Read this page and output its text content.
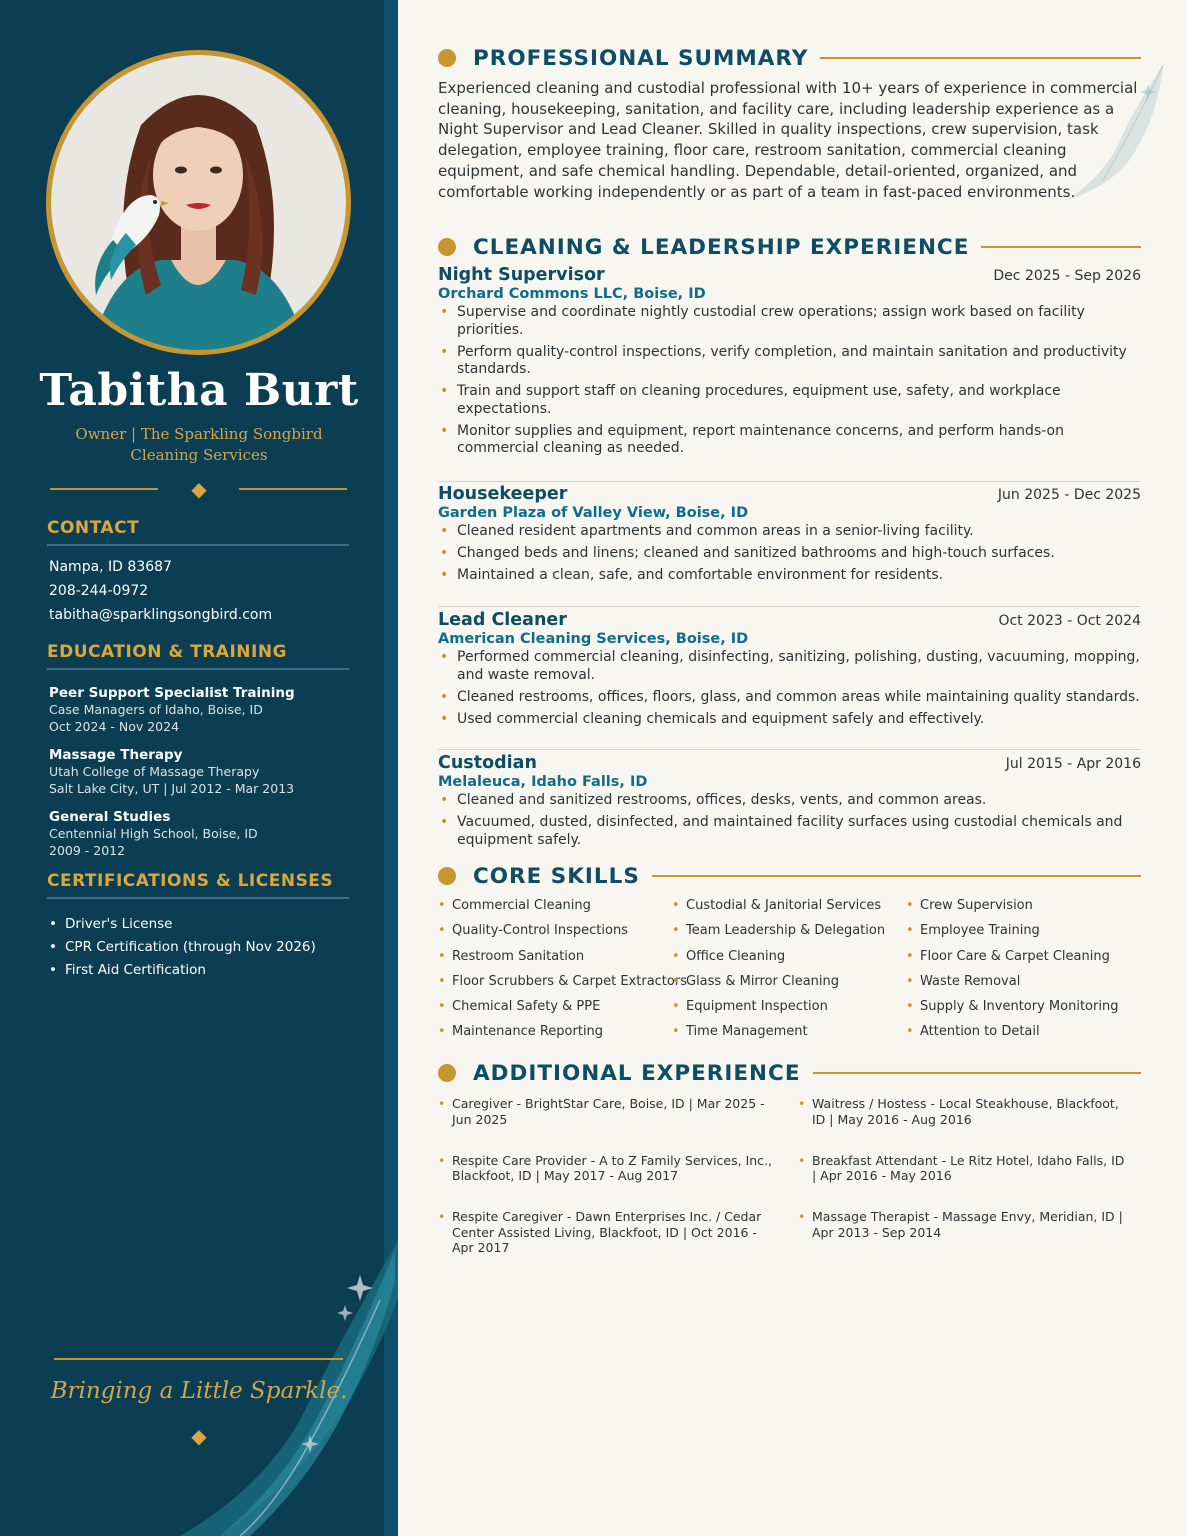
Tabitha Burt
Owner | The Sparkling Songbird Cleaning Services
◆
CONTACT
Nampa, ID 83687
208-244-0972
tabitha@sparklingsongbird.com
EDUCATION & TRAINING
Peer Support Specialist Training
Case Managers of Idaho, Boise, ID
Oct 2024 - Nov 2024
Massage Therapy
Utah College of Massage Therapy
Salt Lake City, UT | Jul 2012 - Mar 2013
General Studies
Centennial High School, Boise, ID
2009 - 2012
CERTIFICATIONS & LICENSES
• Driver's License
• CPR Certification (through Nov 2026)
• First Aid Certification
Bringing a Little Sparkle.
◆
PROFESSIONAL SUMMARY
Experienced cleaning and custodial professional with 10+ years of experience in commercial cleaning, housekeeping, sanitation, and facility care, including leadership experience as a Night Supervisor and Lead Cleaner. Skilled in quality inspections, crew supervision, task delegation, employee training, floor care, restroom sanitation, commercial cleaning equipment, and safe chemical handling. Dependable, detail-oriented, organized, and comfortable working independently or as part of a team in fast-paced environments.
CLEANING & LEADERSHIP EXPERIENCE
Night Supervisor	Dec 2025 - Sep 2026
Orchard Commons LLC, Boise, ID
• Supervise and coordinate nightly custodial crew operations; assign work based on facility priorities.
• Perform quality-control inspections, verify completion, and maintain sanitation and productivity standards.
• Train and support staff on cleaning procedures, equipment use, safety, and workplace expectations.
• Monitor supplies and equipment, report maintenance concerns, and perform hands-on commercial cleaning as needed.
Housekeeper	Jun 2025 - Dec 2025
Garden Plaza of Valley View, Boise, ID
• Cleaned resident apartments and common areas in a senior-living facility.
• Changed beds and linens; cleaned and sanitized bathrooms and high-touch surfaces.
• Maintained a clean, safe, and comfortable environment for residents.
Lead Cleaner	Oct 2023 - Oct 2024
American Cleaning Services, Boise, ID
• Performed commercial cleaning, disinfecting, sanitizing, polishing, dusting, vacuuming, mopping, and waste removal.
• Cleaned restrooms, offices, floors, glass, and common areas while maintaining quality standards.
• Used commercial cleaning chemicals and equipment safely and effectively.
Custodian	Jul 2015 - Apr 2016
Melaleuca, Idaho Falls, ID
• Cleaned and sanitized restrooms, offices, desks, vents, and common areas.
• Vacuumed, dusted, disinfected, and maintained facility surfaces using custodial chemicals and equipment safely.
CORE SKILLS
• Commercial Cleaning	• Custodial & Janitorial Services	• Crew Supervision
• Quality-Control Inspections	• Team Leadership & Delegation	• Employee Training
• Restroom Sanitation	• Office Cleaning	• Floor Care & Carpet Cleaning
• Floor Scrubbers & Carpet Extractors • Glass & Mirror Cleaning	• Waste Removal
• Chemical Safety & PPE	• Equipment Inspection	• Supply & Inventory Monitoring
• Maintenance Reporting	• Time Management	• Attention to Detail
ADDITIONAL EXPERIENCE
• Caregiver - BrightStar Care, Boise, ID | Mar 2025 - Jun 2025
• Waitress / Hostess - Local Steakhouse, Blackfoot, ID | May 2016 - Aug 2016
• Respite Care Provider - A to Z Family Services, Inc., Blackfoot, ID | May 2017 - Aug 2017
• Breakfast Attendant - Le Ritz Hotel, Idaho Falls, ID | Apr 2016 - May 2016
• Respite Caregiver - Dawn Enterprises Inc. / Cedar Center Assisted Living, Blackfoot, ID | Oct 2016 - Apr 2017
• Massage Therapist - Massage Envy, Meridian, ID | Apr 2013 - Sep 2014
